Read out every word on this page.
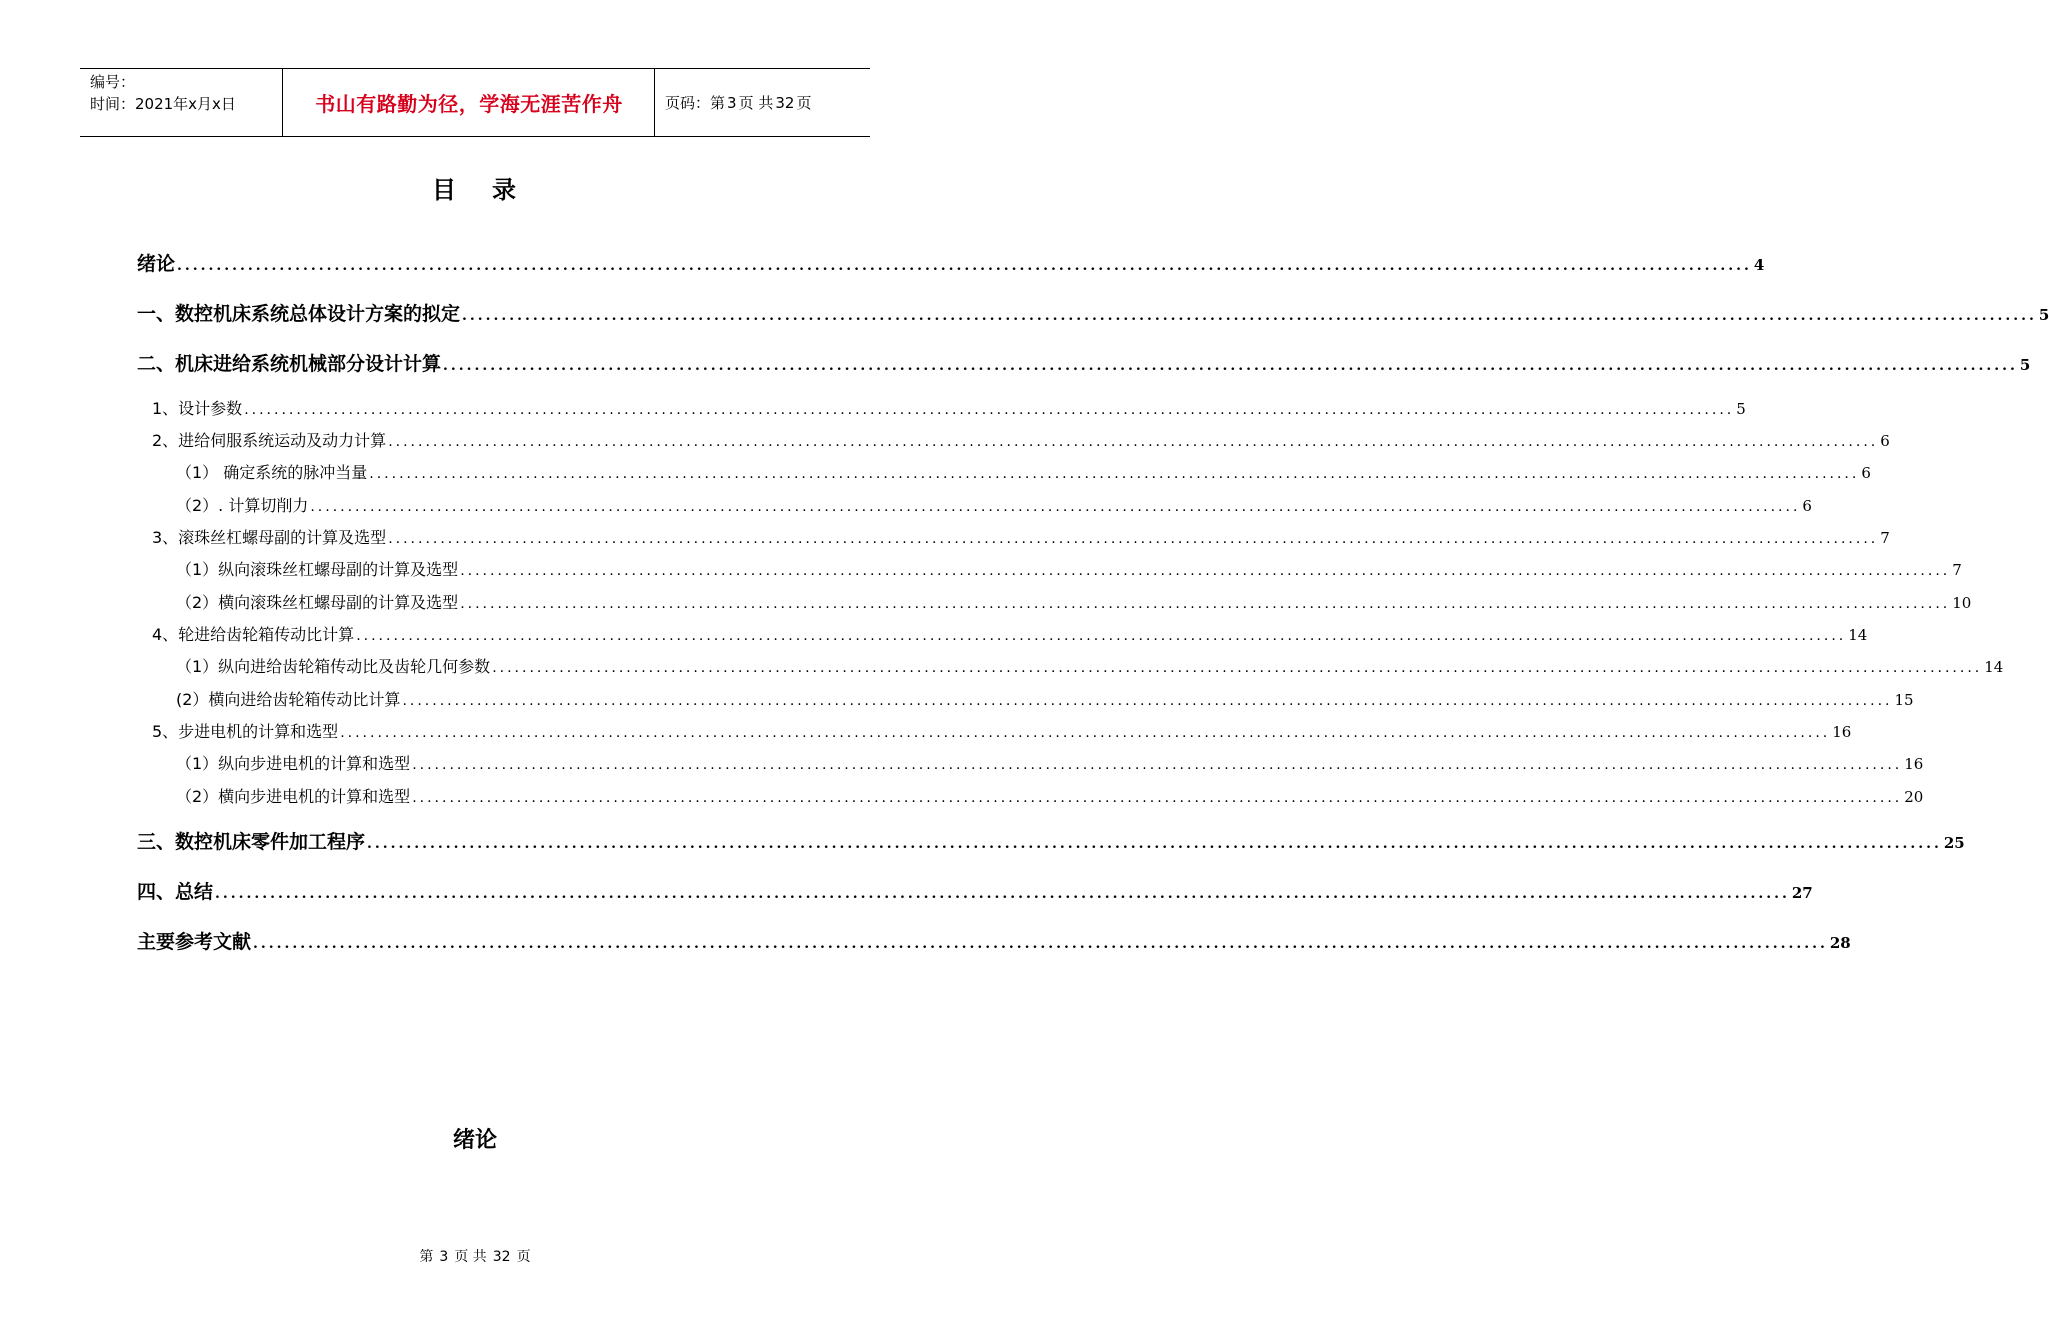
编号：
时间：2021年x月x日	书山有路勤为径，学海无涯苦作舟	页码：第 3 页 共 32 页
目 录
绪论 ........................................................................................................................................................................................................ 4
一、数控机床系统总体设计方案的拟定 ........................................................................................................................................................................................................ 5
二、机床进给系统机械部分设计计算 ........................................................................................................................................................................................................ 5
1、设计参数 ........................................................................................................................................................................................................ 5
2、进给伺服系统运动及动力计算 ........................................................................................................................................................................................................ 6
（1） 确定系统的脉冲当量 ........................................................................................................................................................................................................ 6
（2）. 计算切削力 ........................................................................................................................................................................................................ 6
3、滚珠丝杠螺母副的计算及选型 ........................................................................................................................................................................................................ 7
（1）纵向滚珠丝杠螺母副的计算及选型 ........................................................................................................................................................................................................ 7
（2）横向滚珠丝杠螺母副的计算及选型 ........................................................................................................................................................................................................ 10
4、轮进给齿轮箱传动比计算 ........................................................................................................................................................................................................ 14
（1）纵向进给齿轮箱传动比及齿轮几何参数 ........................................................................................................................................................................................................ 14
(2）横向进给齿轮箱传动比计算 ........................................................................................................................................................................................................ 15
5、步进电机的计算和选型 ........................................................................................................................................................................................................ 16
（1）纵向步进电机的计算和选型 ........................................................................................................................................................................................................ 16
（2）横向步进电机的计算和选型 ........................................................................................................................................................................................................ 20
三、数控机床零件加工程序 ........................................................................................................................................................................................................ 25
四、总结 ........................................................................................................................................................................................................ 27
主要参考文献 ........................................................................................................................................................................................................ 28
绪论
第 3 页 共 32 页
